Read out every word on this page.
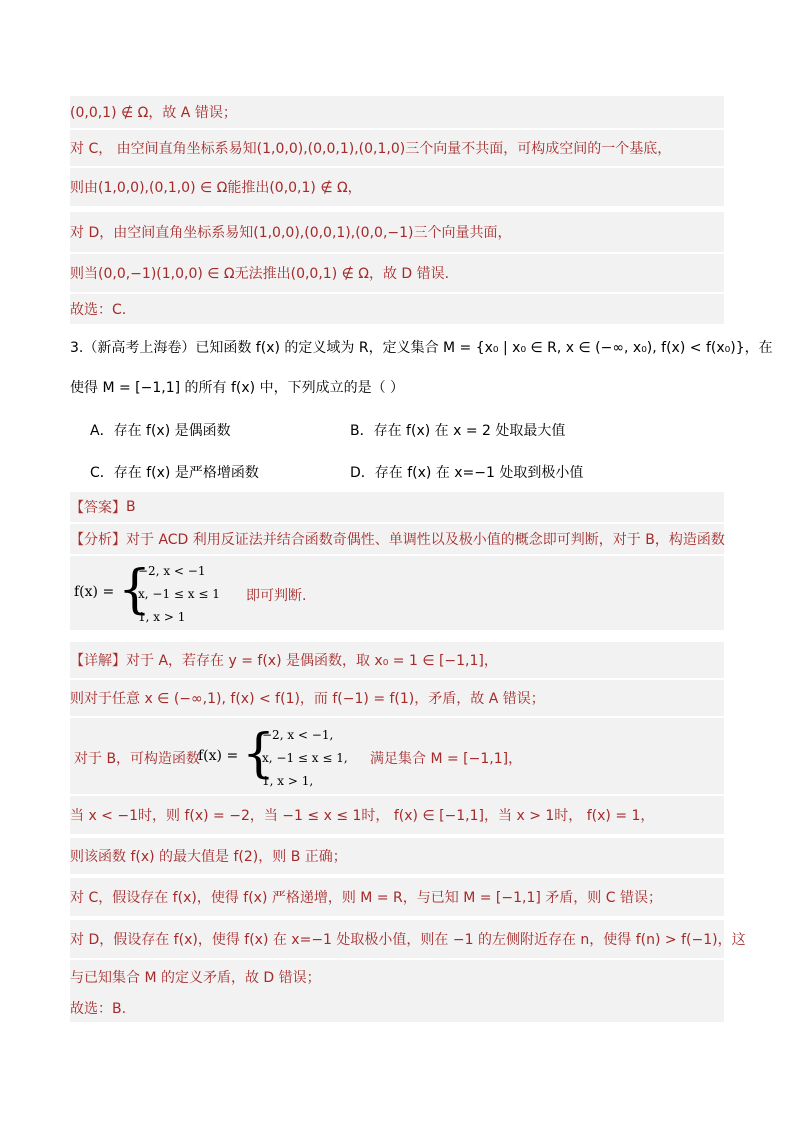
(0,0,1) ∉ Ω，故 A 错误；
对 C， 由空间直角坐标系易知(1,0,0),(0,0,1),(0,1,0)三个向量不共面，可构成空间的一个基底，
则由(1,0,0),(0,1,0) ∈ Ω能推出(0,0,1) ∉ Ω，
对 D，由空间直角坐标系易知(1,0,0),(0,0,1),(0,0,−1)三个向量共面，
则当(0,0,−1)(1,0,0) ∈ Ω无法推出(0,0,1) ∉ Ω，故 D 错误.
故选：C.
3.（新高考上海卷）已知函数 f(x) 的定义域为 R，定义集合 M = {x₀ | x₀ ∈ R, x ∈ (−∞, x₀), f(x) < f(x₀)}，在
使得 M = [−1,1] 的所有 f(x) 中，下列成立的是（ ）
A．存在 f(x) 是偶函数	B．存在 f(x) 在 x = 2 处取最大值
C．存在 f(x) 是严格增函数	D．存在 f(x) 在 x=−1 处取到极小值
【答案】 B
【分析】 对于 ACD 利用反证法并结合函数奇偶性、单调性以及极小值的概念即可判断，对于 B，构造函数
f(x) = {
−2, x < −1
x, −1 ≤ x ≤ 1
1, x > 1
即可判断.
【详解】 对于 A，若存在 y = f(x) 是偶函数，取 x₀ = 1 ∈ [−1,1]，
则对于任意 x ∈ (−∞,1), f(x) < f(1)，而 f(−1) = f(1)，矛盾，故 A 错误；
对于 B，可构造函数
f(x) = {
−2, x < −1,
x, −1 ≤ x ≤ 1,
1, x > 1,
满足集合 M = [−1,1]，
当 x < −1时，则 f(x) = −2，当 −1 ≤ x ≤ 1时， f(x) ∈ [−1,1]，当 x > 1时， f(x) = 1，
则该函数 f(x) 的最大值是 f(2)，则 B 正确；
对 C，假设存在 f(x)，使得 f(x) 严格递增，则 M = R，与已知 M = [−1,1] 矛盾，则 C 错误；
对 D，假设存在 f(x)，使得 f(x) 在 x=−1 处取极小值，则在 −1 的左侧附近存在 n，使得 f(n) > f(−1)，这
与已知集合 M 的定义矛盾，故 D 错误；
故选：B.
